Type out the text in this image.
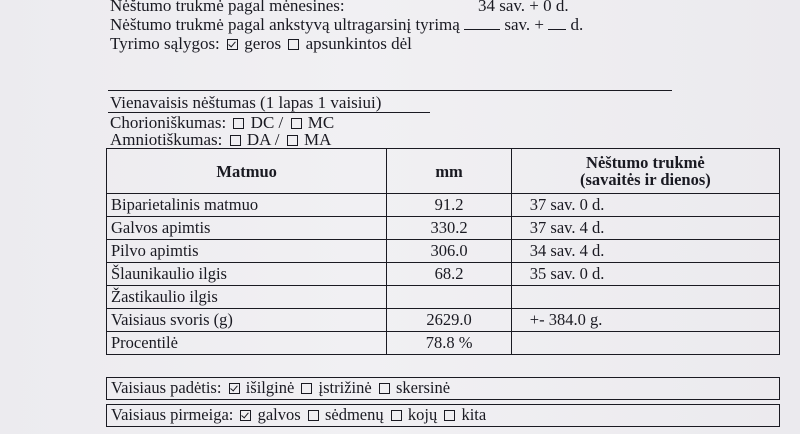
Nėštumo trukmė pagal mėnesines:	34 sav. + 0 d.
Nėštumo trukmė pagal ankstyvą ultragarsinį tyrimą	sav. + d.
Tyrimo sąlygos: geros apsunkintos dėl
Vienavaisis nėštumas (1 lapas 1 vaisiui)
Chorioniškumas: DC / MC
Amniotiškumas: DA / MA
Matmuo	mm	Nėštumo trukmė
(savaitės ir dienos)
Biparietalinis matmuo	91.2	37 sav. 0 d.
Galvos apimtis	330.2	37 sav. 4 d.
Pilvo apimtis	306.0	34 sav. 4 d.
Šlaunikaulio ilgis	68.2	35 sav. 0 d.
Žastikaulio ilgis		
Vaisiaus svoris (g)	2629.0	+- 384.0 g.
Procentilė	78.8 %	
Vaisiaus padėtis: išilginė įstrižinė skersinė
Vaisiaus pirmeiga: galvos sėdmenų kojų kita
